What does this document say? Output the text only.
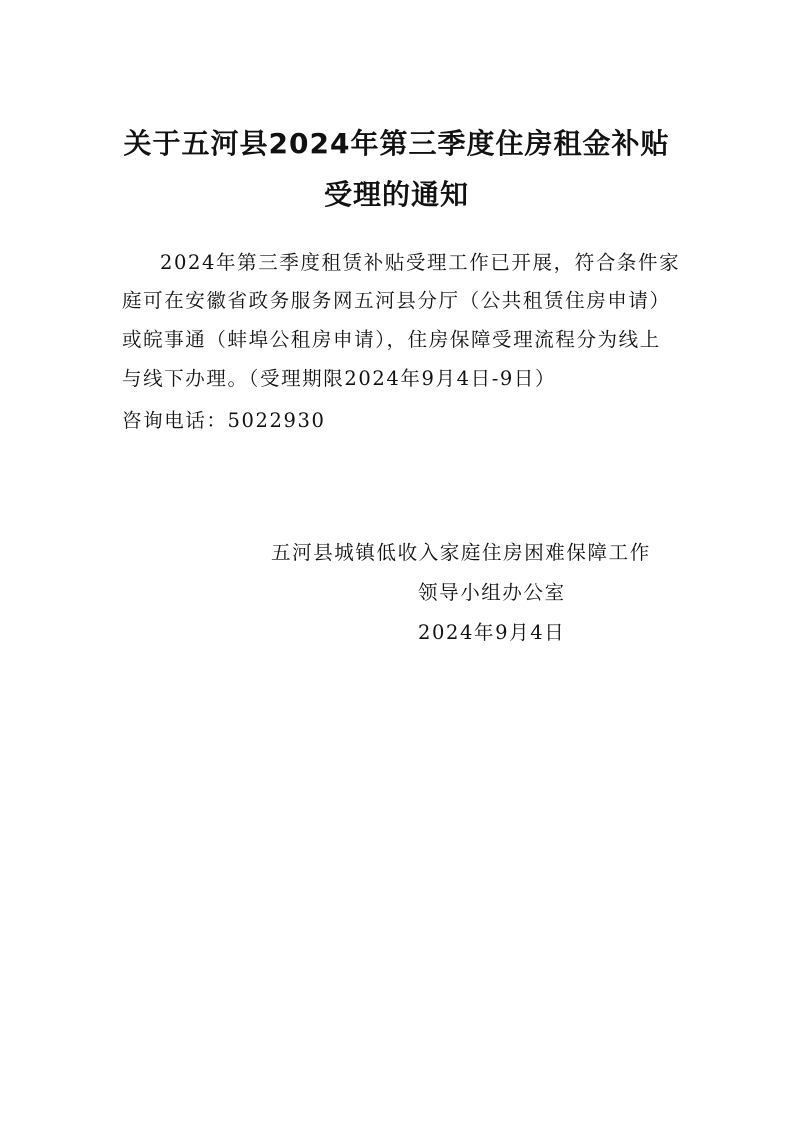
关于五河县2024年第三季度住房租金补贴
受理的通知

2024年第三季度租赁补贴受理工作已开展，符合条件家

庭可在安徽省政务服务网五河县分厅（公共租赁住房申请）

或皖事通（蚌埠公租房申请），住房保障受理流程分为线上

与线下办理。（受理期限2024年9月4日-9日）

咨询电话：5022930

五河县城镇低收入家庭住房困难保障工作

领导小组办公室

2024年9月4日
